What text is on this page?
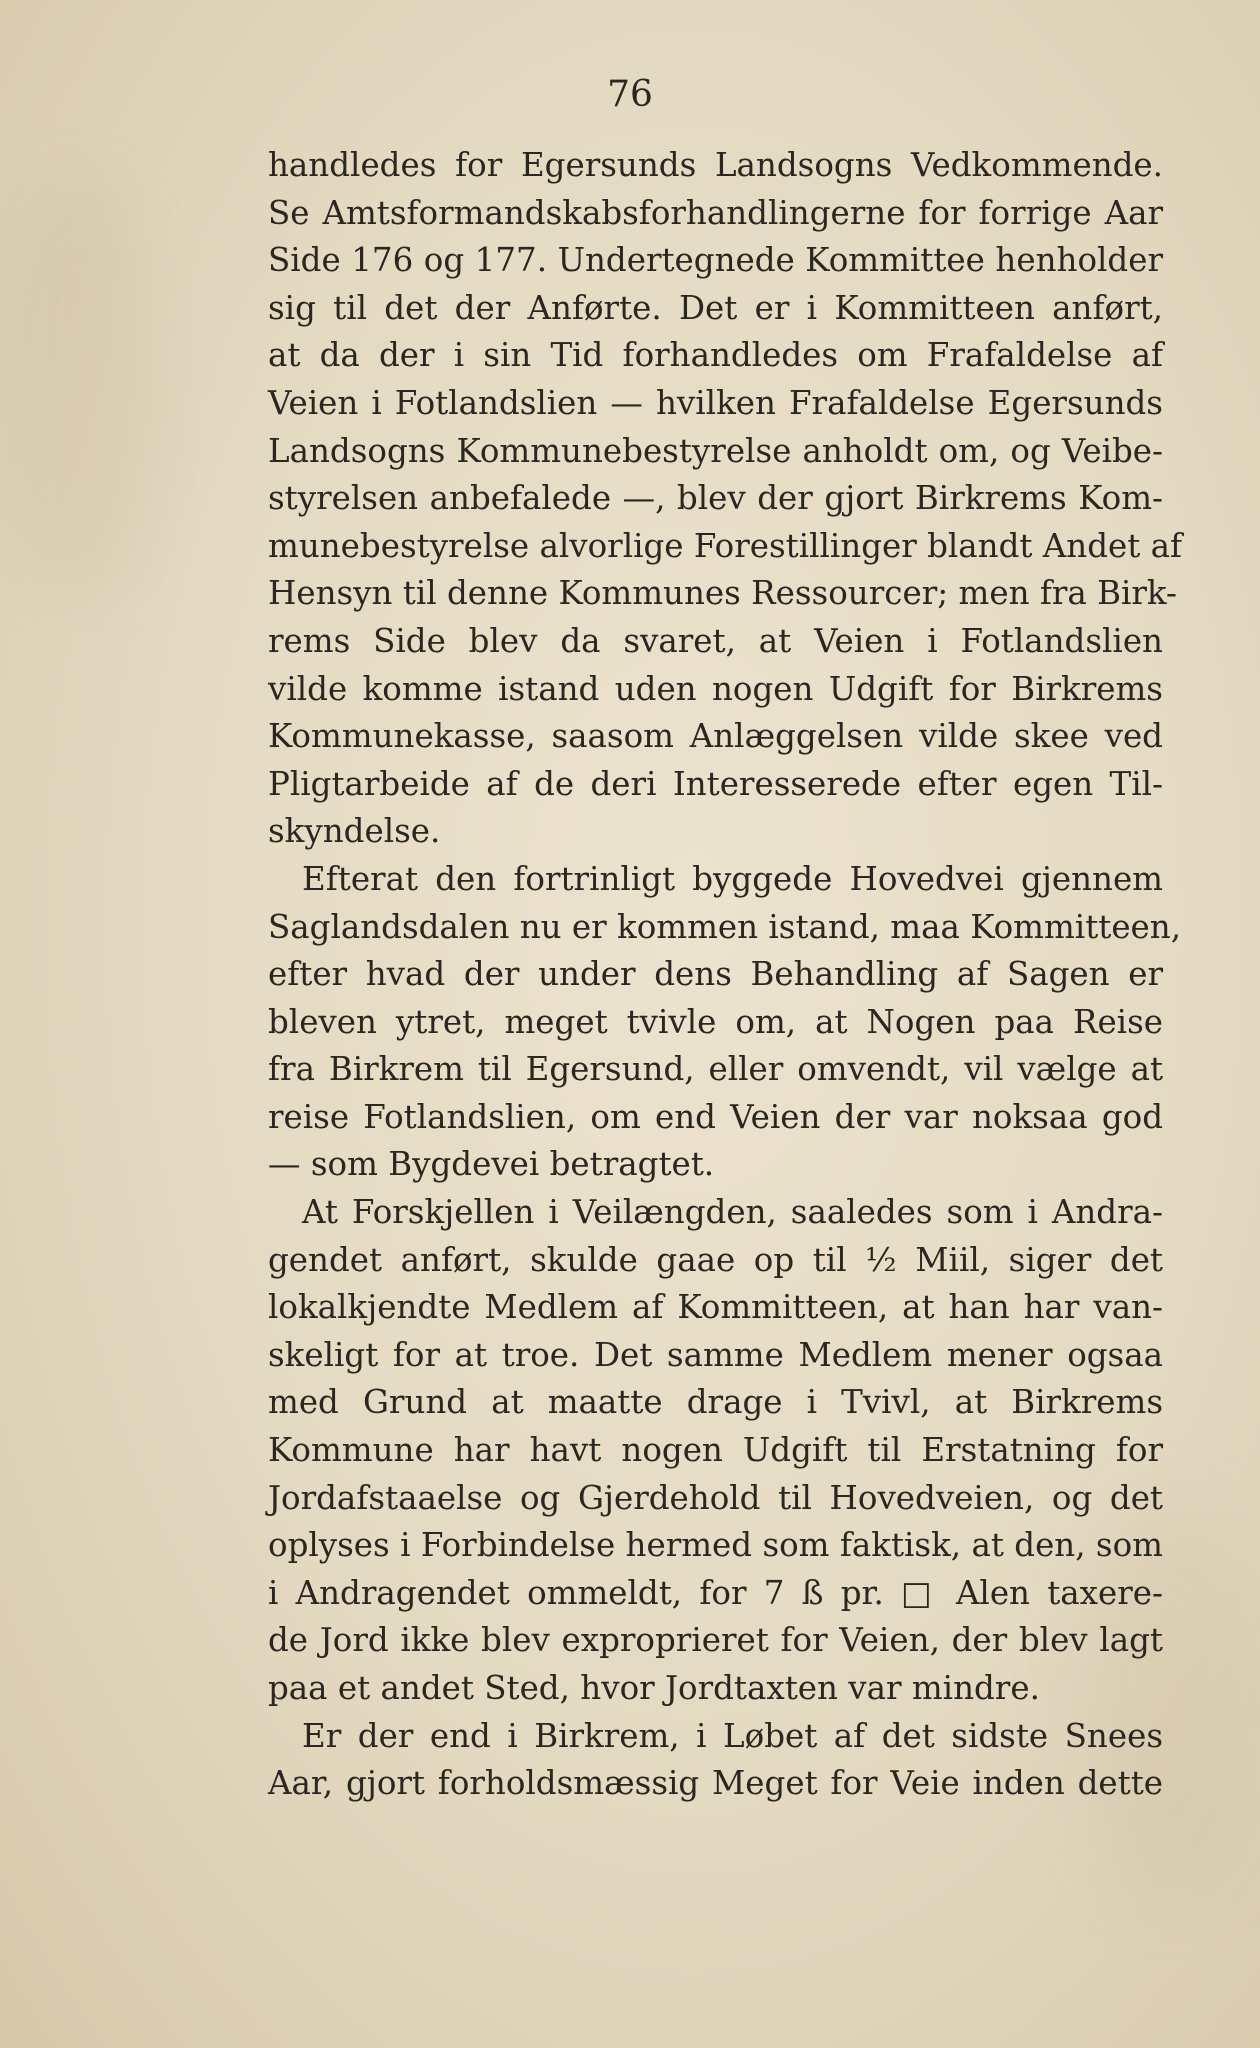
76
handledes for Egersunds Landsogns Vedkommende.
Se Amtsformandskabsforhandlingerne for forrige Aar
Side 176 og 177. Undertegnede Kommittee henholder
sig til det der Anførte. Det er i Kommitteen anført,
at da der i sin Tid forhandledes om Frafaldelse af
Veien i Fotlandslien — hvilken Frafaldelse Egersunds
Landsogns Kommunebestyrelse anholdt om, og Veibe-
styrelsen anbefalede —, blev der gjort Birkrems Kom-
munebestyrelse alvorlige Forestillinger blandt Andet af
Hensyn til denne Kommunes Ressourcer; men fra Birk-
rems Side blev da svaret, at Veien i Fotlandslien
vilde komme istand uden nogen Udgift for Birkrems
Kommunekasse, saasom Anlæggelsen vilde skee ved
Pligtarbeide af de deri Interesserede efter egen Til-
skyndelse.
Efterat den fortrinligt byggede Hovedvei gjennem
Saglandsdalen nu er kommen istand, maa Kommitteen,
efter hvad der under dens Behandling af Sagen er
bleven ytret, meget tvivle om, at Nogen paa Reise
fra Birkrem til Egersund, eller omvendt, vil vælge at
reise Fotlandslien, om end Veien der var noksaa god
— som Bygdevei betragtet.
At Forskjellen i Veilængden, saaledes som i Andra-
gendet anført, skulde gaae op til ½ Miil, siger det
lokalkjendte Medlem af Kommitteen, at han har van-
skeligt for at troe. Det samme Medlem mener ogsaa
med Grund at maatte drage i Tvivl, at Birkrems
Kommune har havt nogen Udgift til Erstatning for
Jordafstaaelse og Gjerdehold til Hovedveien, og det
oplyses i Forbindelse hermed som faktisk, at den, som
i Andragendet ommeldt, for 7 ß pr. □ Alen taxere-
de Jord ikke blev exproprieret for Veien, der blev lagt
paa et andet Sted, hvor Jordtaxten var mindre.
Er der end i Birkrem, i Løbet af det sidste Snees
Aar, gjort forholdsmæssig Meget for Veie inden dette
